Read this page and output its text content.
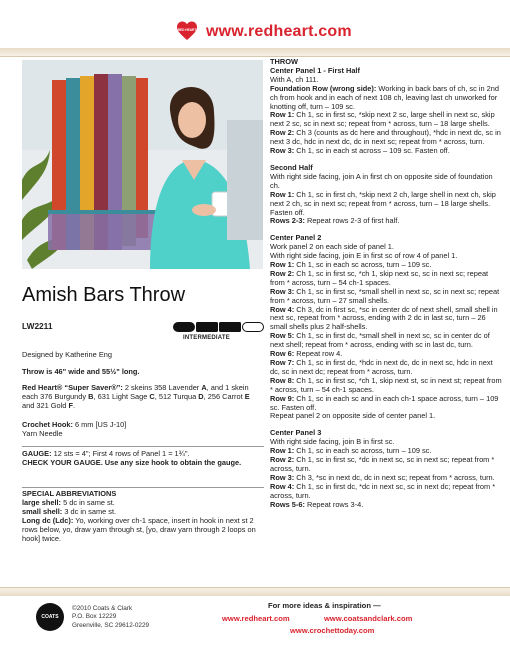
RED HEART www.redheart.com
Amish Bars Throw
LW2211
INTERMEDIATE
Designed by Katherine Eng
Throw is 46" wide and 55½" long.
Red Heart® “Super Saver®”: 2 skeins 358 Lavender A, and 1 skein each 376 Burgundy B, 631 Light Sage C, 512 Turqua D, 256 Carrot E and 321 Gold F.
Crochet Hook: 6 mm [US J-10]
Yarn Needle
GAUGE: 12 sts = 4"; First 4 rows of Panel 1 = 1¾".
CHECK YOUR GAUGE. Use any size hook to obtain the gauge.
SPECIAL ABBREVIATIONS
large shell: 5 dc in same st.
small shell: 3 dc in same st.
Long dc (Ldc): Yo, working over ch-1 space, insert in hook in next st 2 rows below, yo, draw yarn through st, [yo, draw yarn through 2 loops on hook] twice.

THROW

Center Panel 1 - First Half

With A, ch 111.

Foundation Row (wrong side): Working in back bars of ch, sc in 2nd ch from hook and in each of next 108 ch, leaving last ch unworked for knotting off, turn – 109 sc.

Row 1: Ch 1, sc in first sc, *skip next 2 sc, large shell in next sc, skip next 2 sc, sc in next sc; repeat from * across, turn – 18 large shells.

Row 2: Ch 3 (counts as dc here and throughout), *hdc in next dc, sc in next 3 dc, hdc in next dc, dc in next sc; repeat from * across, turn.

Row 3: Ch 1, sc in each st across – 109 sc. Fasten off.

Second Half

With right side facing, join A in first ch on opposite side of foundation ch.

Row 1: Ch 1, sc in first ch, *skip next 2 ch, large shell in next ch, skip next 2 ch, sc in next sc; repeat from * across, turn – 18 large shells. Fasten off.

Rows 2-3: Repeat rows 2-3 of first half.

Center Panel 2

Work panel 2 on each side of panel 1.

With right side facing, join E in first sc of row 4 of panel 1.

Row 1: Ch 1, sc in each sc across, turn – 109 sc.

Row 2: Ch 1, sc in first sc, *ch 1, skip next sc, sc in next sc; repeat from * across, turn – 54 ch-1 spaces.

Row 3: Ch 1, sc in first sc, *small shell in next sc, sc in next sc; repeat from * across, turn – 27 small shells.

Row 4: Ch 3, dc in first sc, *sc in center dc of next shell, small shell in next sc, repeat from * across, ending with 2 dc in last sc, turn – 26 small shells plus 2 half-shells.

Row 5: Ch 1, sc in first dc, *small shell in next sc, sc in center dc of next shell; repeat from * across, ending with sc in last dc, turn.

Row 6: Repeat row 4.

Row 7: Ch 1, sc in first dc, *hdc in next dc, dc in next sc, hdc in next dc, sc in next dc; repeat from * across, turn.

Row 8: Ch 1, sc in first sc, *ch 1, skip next st, sc in next st; repeat from * across, turn – 54 ch-1 spaces.

Row 9: Ch 1, sc in each sc and in each ch-1 space across, turn – 109 sc. Fasten off.

Repeat panel 2 on opposite side of center panel 1.

Center Panel 3

With right side facing, join B in first sc.

Row 1: Ch 1, sc in each sc across, turn – 109 sc.

Row 2: Ch 1, sc in first sc, *dc in next sc, sc in next sc; repeat from * across, turn.

Row 3: Ch 3, *sc in next dc, dc in next sc; repeat from * across, turn.

Row 4: Ch 1, sc in first dc, *dc in next sc, sc in next dc; repeat from * across, turn.

Rows 5-6: Repeat rows 3-4.

COATS
©2010 Coats & Clark
P.O. Box 12229
Greenville, SC 29612-0229
For more ideas & inspiration —
www.redheart.com	www.coatsandclark.com
www.crochettoday.com
